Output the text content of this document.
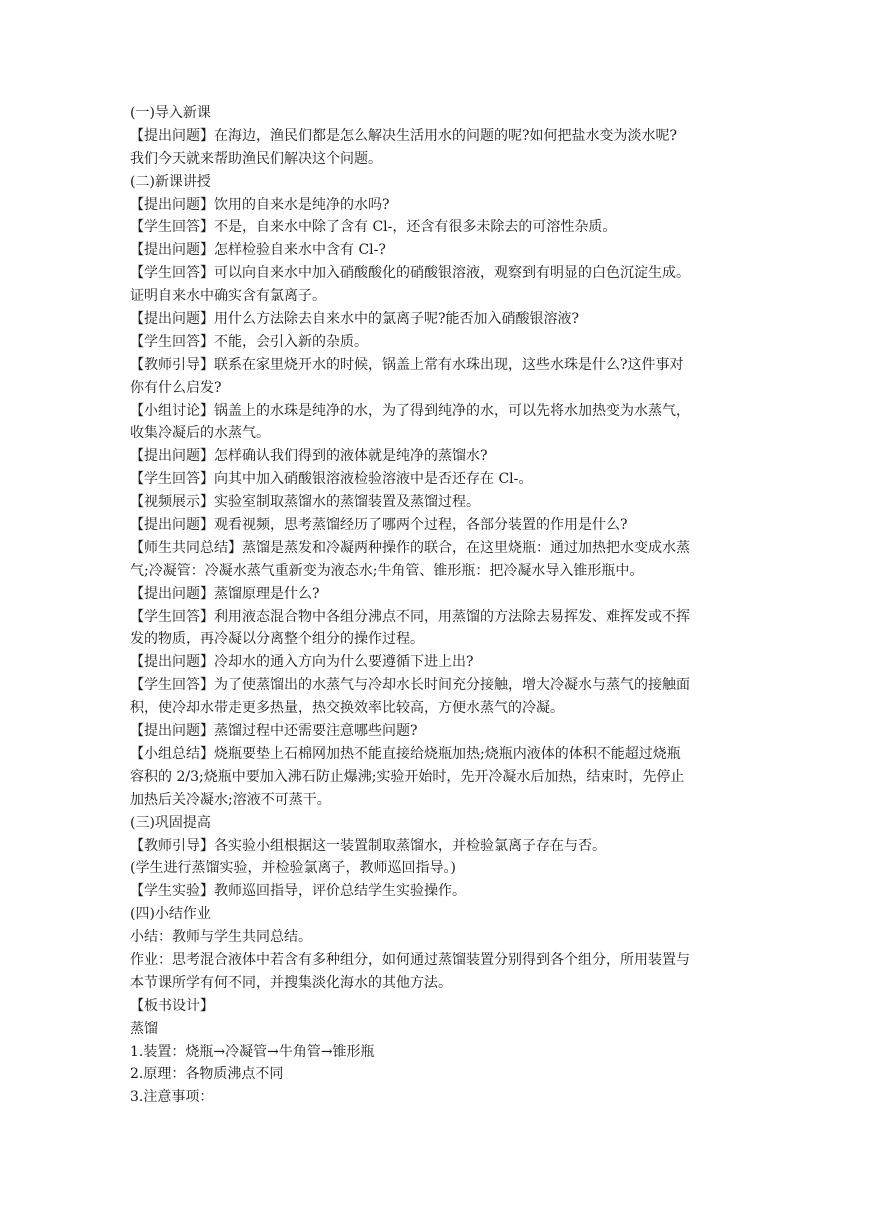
(一)导入新课
【提出问题】在海边，渔民们都是怎么解决生活用水的问题的呢?如何把盐水变为淡水呢?
我们今天就来帮助渔民们解决这个问题。
(二)新课讲授
【提出问题】饮用的自来水是纯净的水吗?
【学生回答】不是，自来水中除了含有 Cl-，还含有很多未除去的可溶性杂质。
【提出问题】怎样检验自来水中含有 Cl-?
【学生回答】可以向自来水中加入硝酸酸化的硝酸银溶液，观察到有明显的白色沉淀生成。
证明自来水中确实含有氯离子。
【提出问题】用什么方法除去自来水中的氯离子呢?能否加入硝酸银溶液?
【学生回答】不能，会引入新的杂质。
【教师引导】联系在家里烧开水的时候，锅盖上常有水珠出现，这些水珠是什么?这件事对
你有什么启发?
【小组讨论】锅盖上的水珠是纯净的水，为了得到纯净的水，可以先将水加热变为水蒸气，
收集冷凝后的水蒸气。
【提出问题】怎样确认我们得到的液体就是纯净的蒸馏水?
【学生回答】向其中加入硝酸银溶液检验溶液中是否还存在 Cl-。
【视频展示】实验室制取蒸馏水的蒸馏装置及蒸馏过程。
【提出问题】观看视频，思考蒸馏经历了哪两个过程，各部分装置的作用是什么?
【师生共同总结】蒸馏是蒸发和冷凝两种操作的联合，在这里烧瓶：通过加热把水变成水蒸
气;冷凝管：冷凝水蒸气重新变为液态水;牛角管、锥形瓶：把冷凝水导入锥形瓶中。
【提出问题】蒸馏原理是什么?
【学生回答】利用液态混合物中各组分沸点不同，用蒸馏的方法除去易挥发、难挥发或不挥
发的物质，再冷凝以分离整个组分的操作过程。
【提出问题】冷却水的通入方向为什么要遵循下进上出?
【学生回答】为了使蒸馏出的水蒸气与冷却水长时间充分接触，增大冷凝水与蒸气的接触面
积，使冷却水带走更多热量，热交换效率比较高，方便水蒸气的冷凝。
【提出问题】蒸馏过程中还需要注意哪些问题?
【小组总结】烧瓶要垫上石棉网加热不能直接给烧瓶加热;烧瓶内液体的体积不能超过烧瓶
容积的 2/3;烧瓶中要加入沸石防止爆沸;实验开始时，先开冷凝水后加热，结束时，先停止
加热后关冷凝水;溶液不可蒸干。
(三)巩固提高
【教师引导】各实验小组根据这一装置制取蒸馏水，并检验氯离子存在与否。
(学生进行蒸馏实验，并检验氯离子，教师巡回指导。)
【学生实验】教师巡回指导，评价总结学生实验操作。
(四)小结作业
小结：教师与学生共同总结。
作业：思考混合液体中若含有多种组分，如何通过蒸馏装置分别得到各个组分，所用装置与
本节课所学有何不同，并搜集淡化海水的其他方法。
【板书设计】
蒸馏
1.装置：烧瓶→冷凝管→牛角管→锥形瓶
2.原理：各物质沸点不同
3.注意事项：
